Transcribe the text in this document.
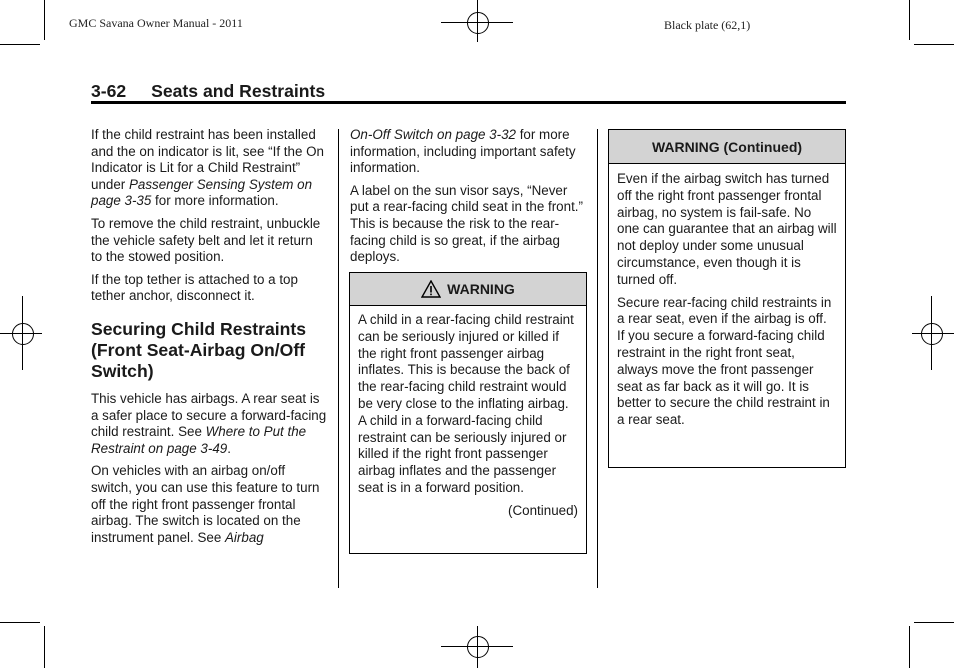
GMC Savana Owner Manual - 2011	Black plate (62,1)
3-62 Seats and Restraints

If the child restraint has been installed and the on indicator is lit, see “If the On Indicator is Lit for a Child Restraint” under Passenger Sensing System on page 3-35 for more information.

To remove the child restraint, unbuckle the vehicle safety belt and let it return to the stowed position.

If the top tether is attached to a top tether anchor, disconnect it.

Securing Child Restraints (Front Seat-Airbag On/Off Switch)

This vehicle has airbags. A rear seat is a safer place to secure a forward-facing child restraint. See Where to Put the Restraint on page 3-49.

On vehicles with an airbag on/off switch, you can use this feature to turn off the right front passenger frontal airbag. The switch is located on the instrument panel. See Airbag

On-Off Switch on page 3-32 for more information, including important safety information.

A label on the sun visor says, “Never put a rear-facing child seat in the front.” This is because the risk to the rear-facing child is so great, if the airbag deploys.

WARNING

A child in a rear-facing child restraint can be seriously injured or killed if the right front passenger airbag inflates. This is because the back of the rear-facing child restraint would be very close to the inflating airbag. A child in a forward-facing child restraint can be seriously injured or killed if the right front passenger airbag inflates and the passenger seat is in a forward position.

(Continued)
WARNING (Continued)

Even if the airbag switch has turned off the right front passenger frontal airbag, no system is fail-safe. No one can guarantee that an airbag will not deploy under some unusual circumstance, even though it is turned off.

Secure rear-facing child restraints in a rear seat, even if the airbag is off. If you secure a forward-facing child restraint in the right front seat, always move the front passenger seat as far back as it will go. It is better to secure the child restraint in a rear seat.
